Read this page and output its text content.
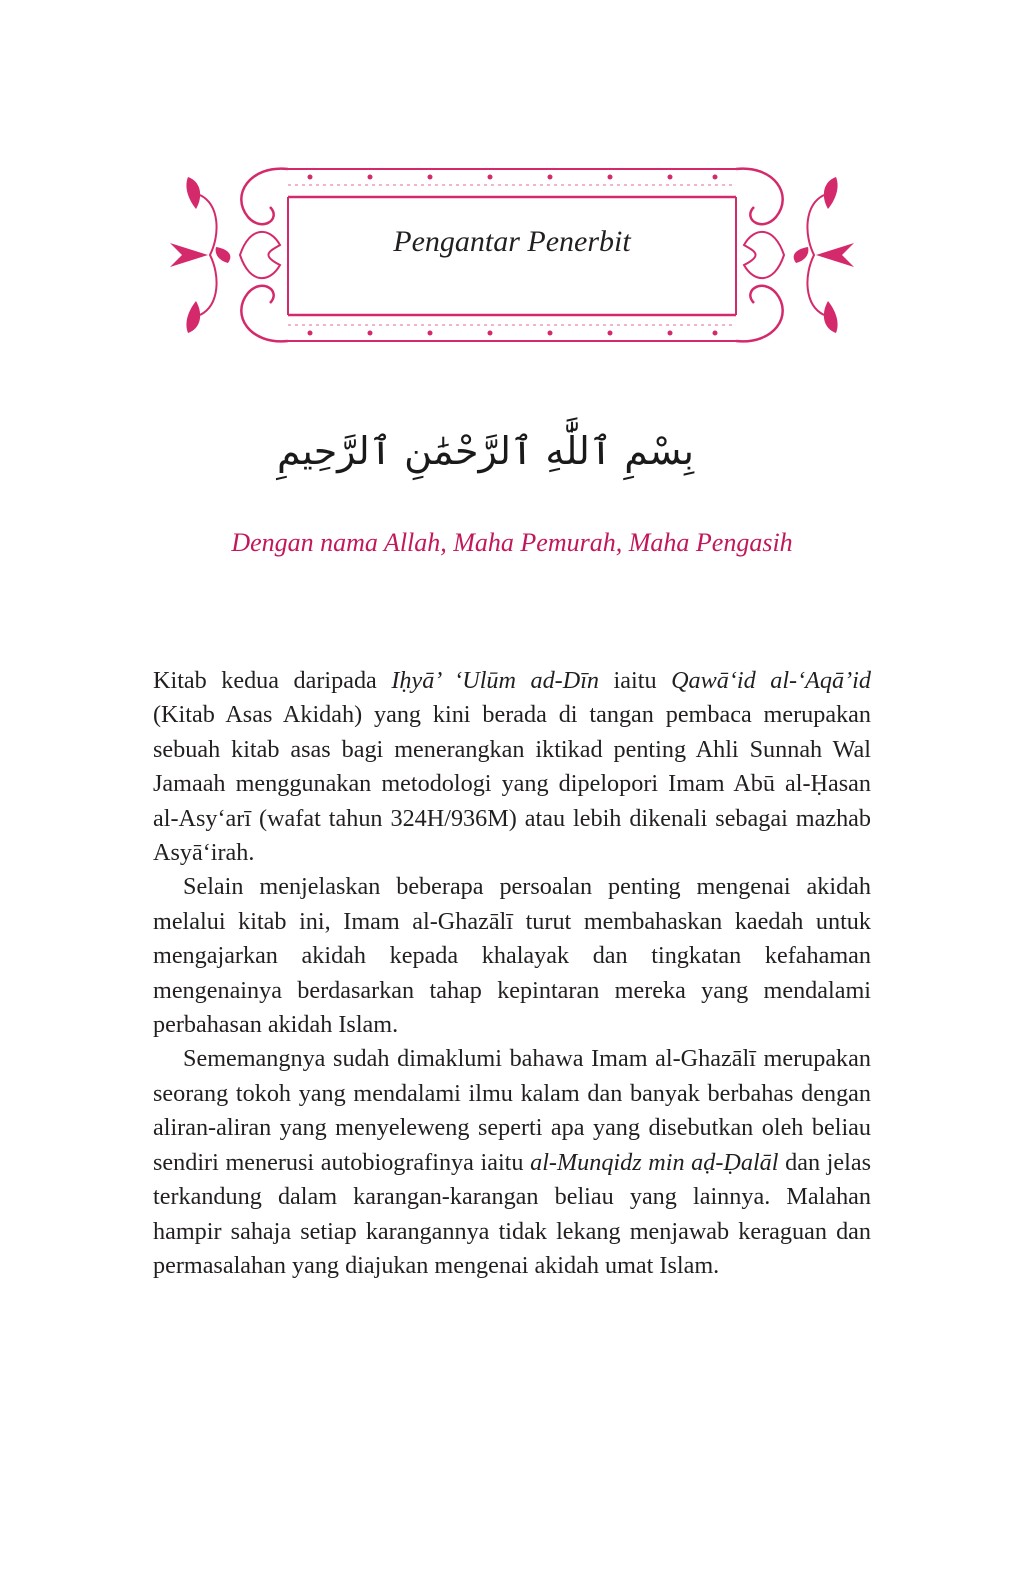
Pengantar Penerbit
بِسْمِ ٱللَّٰهِ ٱلرَّحْمَٰنِ ٱلرَّحِيمِ
Dengan nama Allah, Maha Pemurah, Maha Pengasih

Kitab kedua daripada Iḥyā’ ‘Ulūm ad-Dīn iaitu Qawā‘id al-‘Aqā’id (Kitab Asas Akidah) yang kini berada di tangan pembaca merupakan sebuah kitab asas bagi menerangkan iktikad penting Ahli Sunnah Wal Jamaah menggunakan metodologi yang dipelopori Imam Abū al-Ḥasan al-Asy‘arī (wafat tahun 324H/936M) atau lebih dikenali sebagai mazhab Asyā‘irah.

Selain menjelaskan beberapa persoalan penting mengenai akidah melalui kitab ini, Imam al-Ghazālī turut membahaskan kaedah untuk mengajarkan akidah kepada khalayak dan tingkatan kefahaman mengenainya berdasarkan tahap kepintaran mereka yang mendalami perbahasan akidah Islam.

Sememangnya sudah dimaklumi bahawa Imam al-Ghazālī merupakan seorang tokoh yang mendalami ilmu kalam dan banyak berbahas dengan aliran-aliran yang menyeleweng seperti apa yang disebutkan oleh beliau sendiri menerusi autobiografinya iaitu al-Munqidz min aḍ-Ḍalāl dan jelas terkandung dalam karangan-karangan beliau yang lainnya. Malahan hampir sahaja setiap karangannya tidak lekang menjawab keraguan dan permasalahan yang diajukan mengenai akidah umat Islam.
